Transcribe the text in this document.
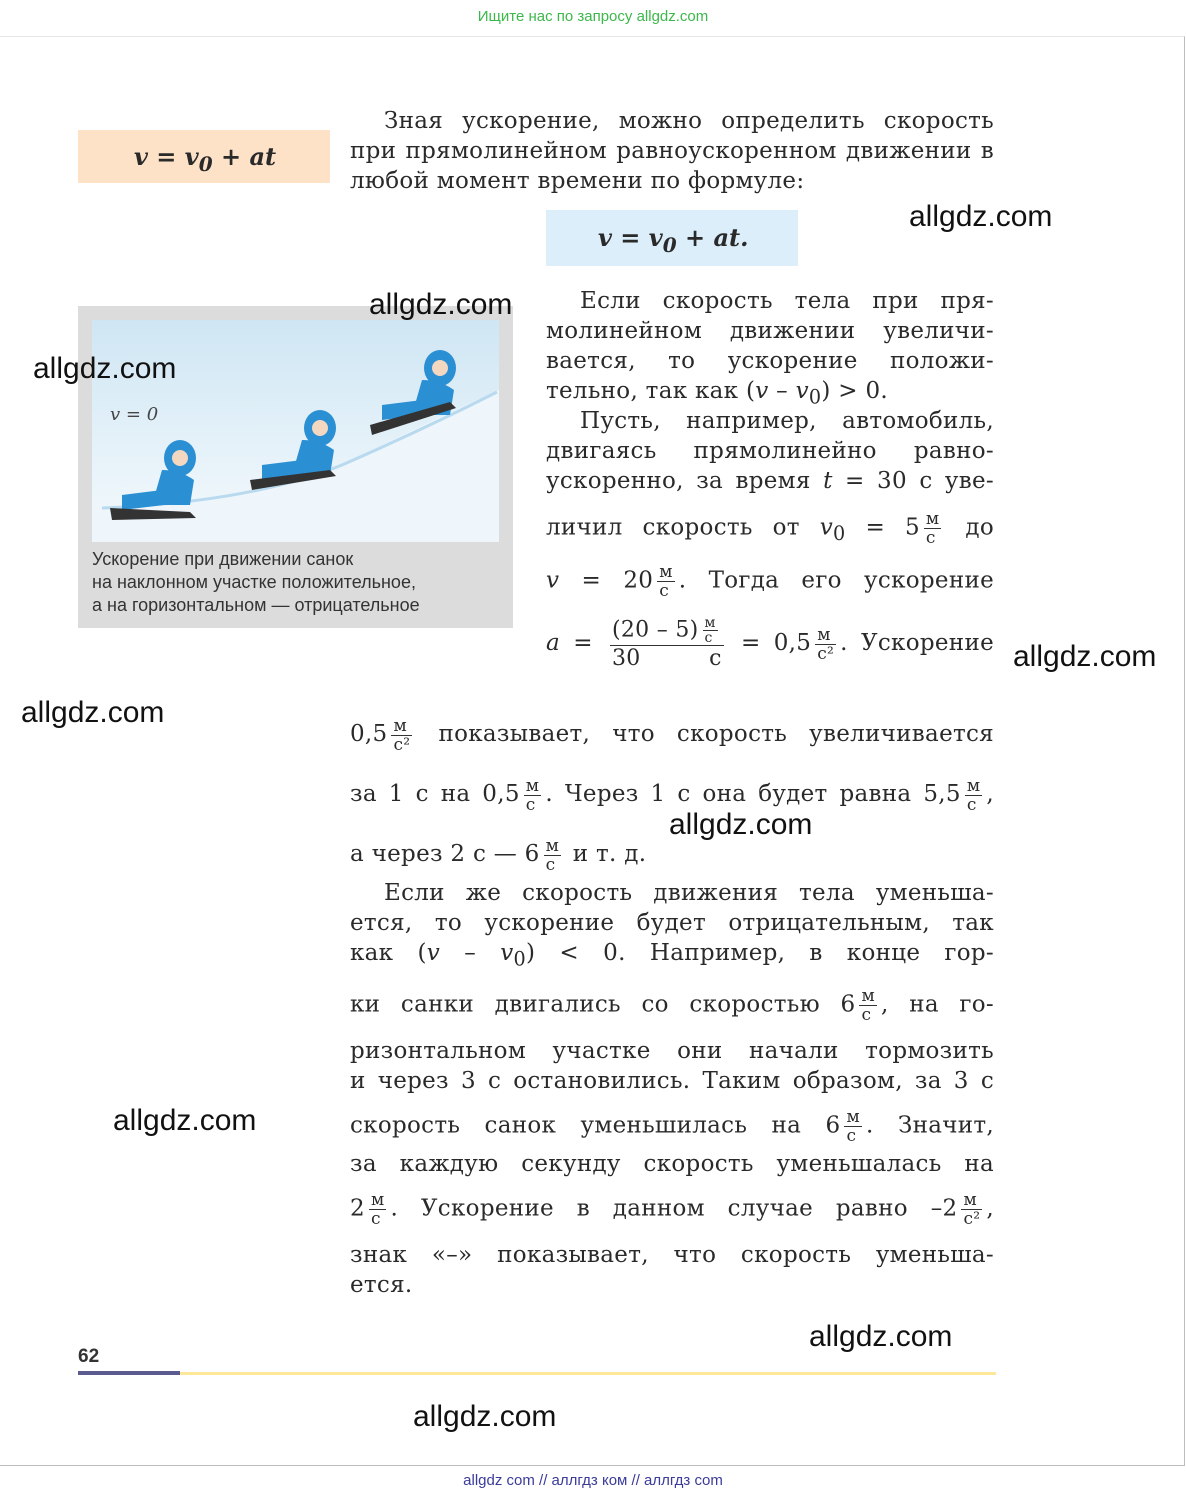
Ищите нас по запросу allgdz.com
$v = v_0$ + at
Зная ускорение, можно определить скорость при прямолинейном равноускоренном движении в любой момент времени по формуле:
$v = v_0$ + at.
Если скорость тела при пря-
молинейном движении увеличи-
вается, то ускорение положи-
тельно, так как $(v - v_0) > 0$.
Пусть, например, автомобиль,
двигаясь прямолинейно равно-
ускоренно, за время t = 30 с уве-
личил скорость от $v_0 = 5 \frac{м}{с}$ до
$v = 20 \frac{м}{с}$ . Тогда его ускорение
$a = \frac{(20 - 5) \frac{м}{с}}{30 с} = 0,5 \frac{м}{\text{с²}}$ . Ускорение
v = 0
Ускорение при движении санок
на наклонном участке положительное,
а на горизонтальном — отрицательное
$0,5 \frac{м}{\text{с²}}$ показывает, что скорость увеличивается
за 1 с на $0,5 \frac{м}{с}$ . Через 1 с она будет равна $5,5 \frac{м}{с}$ ,
а через 2 с — $6 \frac{м}{с}$ и т. д.
Если же скорость движения тела уменьша-
ется, то ускорение будет отрицательным, так
как $(v - v_0) < 0$. Например, в конце гор-
ки санки двигались со скоростью $6 \frac{м}{с}$ , на го-
ризонтальном участке они начали тормозить
и через 3 с остановились. Таким образом, за 3 с
скорость санок уменьшилась на $6 \frac{м}{с}$ . Значит,
за каждую секунду скорость уменьшалась на
$2 \frac{м}{с}$ . Ускорение в данном случае равно $-2 \frac{м}{\text{с²}}$ ,
знак «–» показывает, что скорость уменьша-
ется.
allgdz.com
allgdz.com
allgdz.com
allgdz.com
allgdz.com
allgdz.com
allgdz.com
allgdz.com
allgdz.com
62
allgdz com // аллгдз ком // аллгдз com
